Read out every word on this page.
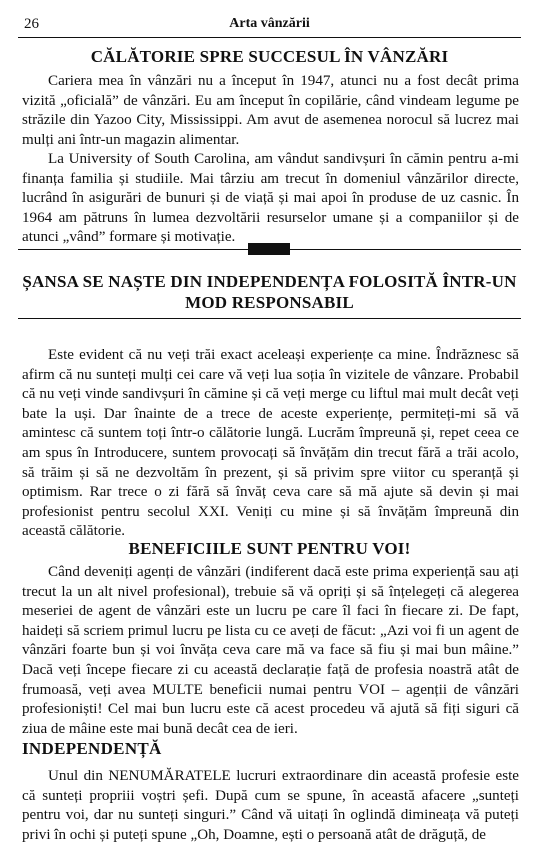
26	Arta vânzării
CĂLĂTORIE SPRE SUCCESUL ÎN VÂNZĂRI

Cariera mea în vânzări nu a început în 1947, atunci nu a fost decât prima vizită „oficială” de vânzări. Eu am început în copilărie, când vindeam legume pe străzile din Yazoo City, Mississippi. Am avut de asemenea norocul să lucrez mai mulți ani într-un magazin alimentar.

La University of South Carolina, am vândut sandivșuri în cămin pentru a-mi finanța familia și studiile. Mai târziu am trecut în domeniul vânzărilor directe, lucrând în asigurări de bunuri și de viață și mai apoi în produse de uz casnic. În 1964 am pătruns în lumea dezvoltării resurselor umane și a companiilor și de atunci „vând” formare și motivație.

ȘANSA SE NAȘTE DIN INDEPENDENȚA FOLOSITĂ ÎNTR-UN
MOD RESPONSABIL

Este evident că nu veți trăi exact aceleași experiențe ca mine. Îndrăznesc să afirm că nu sunteți mulți cei care vă veți lua soția în vizitele de vânzare. Probabil că nu veți vinde sandivșuri în cămine și că veți merge cu liftul mai mult decât veți bate la uși. Dar înainte de a trece de aceste experiențe, permiteți-mi să vă amintesc că suntem toți într-o călătorie lungă. Lucrăm împreună și, repet ceea ce am spus în Introducere, suntem provocați să învățăm din trecut fără a trăi acolo, să trăim și să ne dezvoltăm în prezent, și să privim spre viitor cu speranță și optimism. Rar trece o zi fără să învăț ceva care să mă ajute să devin și mai profesionist pentru secolul XXI. Veniți cu mine și să învățăm împreună din această călătorie.

BENEFICIILE SUNT PENTRU VOI!

Când deveniți agenți de vânzări (indiferent dacă este prima experiență sau ați trecut la un alt nivel profesional), trebuie să vă opriți și să înțelegeți că alegerea meseriei de agent de vânzări este un lucru pe care îl faci în fiecare zi. De fapt, haideți să scriem primul lucru pe lista cu ce aveți de făcut: „Azi voi fi un agent de vânzări foarte bun și voi învăța ceva care mă va face să fiu și mai bun mâine.” Dacă veți începe fiecare zi cu această declarație față de profesia noastră atât de frumoasă, veți avea MULTE beneficii numai pentru VOI – agenții de vânzări profesioniști! Cel mai bun lucru este că acest procedeu vă ajută să fiți siguri că ziua de mâine este mai bună decât cea de ieri.

INDEPENDENȚĂ

Unul din NENUMĂRATELE lucruri extraordinare din această profesie este că sunteți propriii voștri șefi. După cum se spune, în această afacere „sunteți pentru voi, dar nu sunteți singuri.” Când vă uitați în oglindă dimineața vă puteți privi în ochi și puteți spune „Oh, Doamne, ești o persoană atât de drăguță, de
